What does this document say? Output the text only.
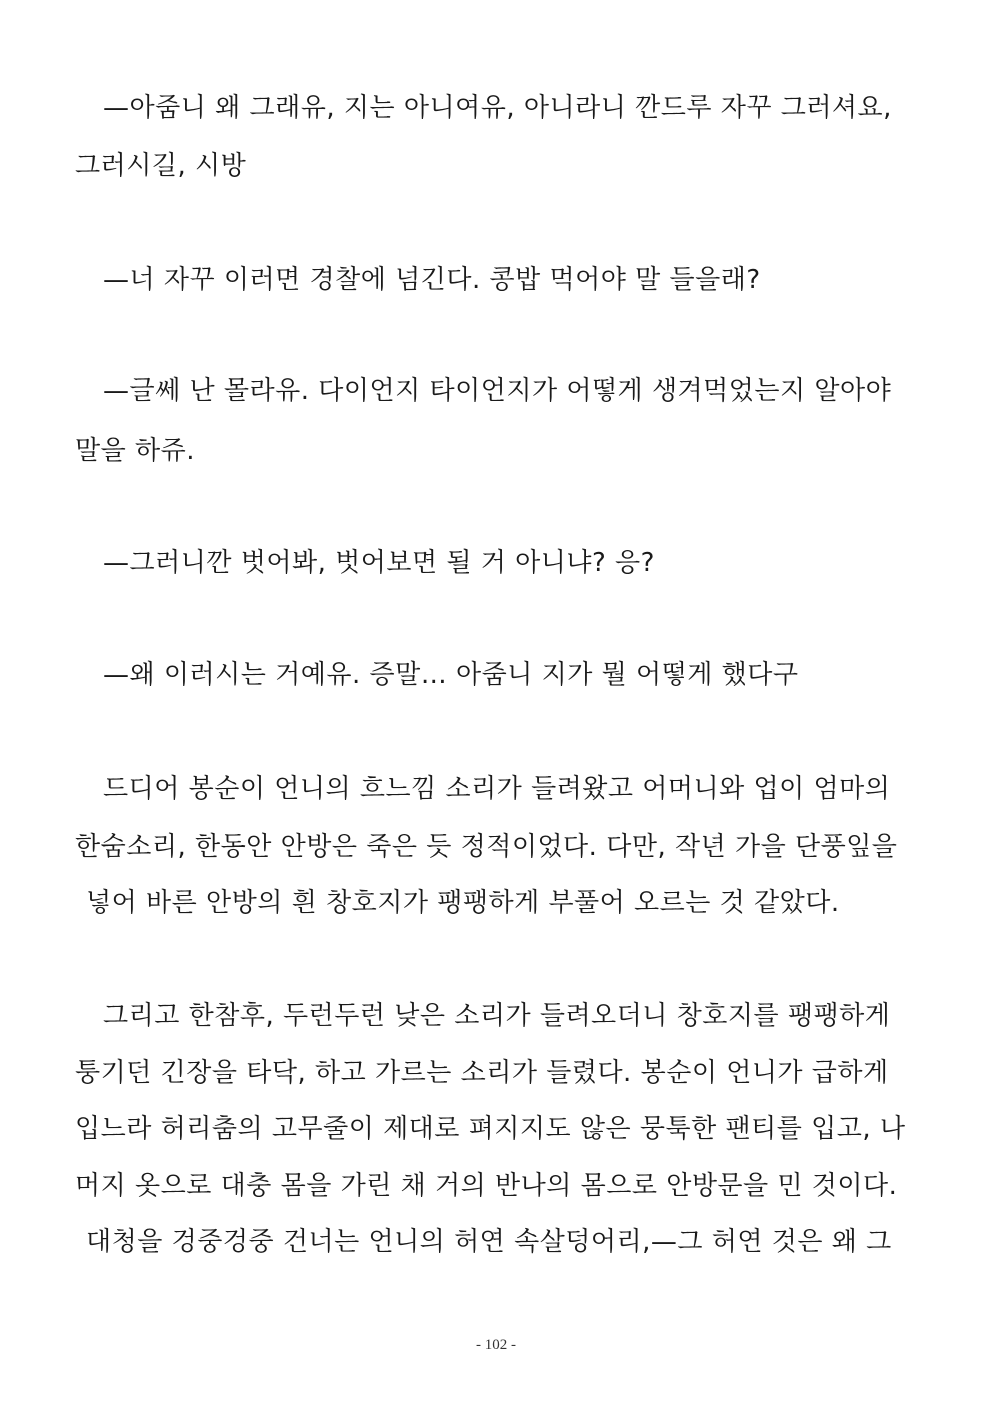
—아줌니 왜 그래유, 지는 아니여유, 아니라니 깐드루 자꾸 그러셔요,
그러시길, 시방
—너 자꾸 이러면 경찰에 넘긴다. 콩밥 먹어야 말 들을래?
—글쎄 난 몰라유. 다이언지 타이언지가 어떻게 생겨먹었는지 알아야
말을 하쥬.
—그러니깐 벗어봐, 벗어보면 될 거 아니냐? 응?
—왜 이러시는 거예유. 증말… 아줌니 지가 뭘 어떻게 했다구
드디어 봉순이 언니의 흐느낌 소리가 들려왔고 어머니와 업이 엄마의
한숨소리, 한동안 안방은 죽은 듯 정적이었다. 다만, 작년 가을 단풍잎을
넣어 바른 안방의 흰 창호지가 팽팽하게 부풀어 오르는 것 같았다.
그리고 한참후, 두런두런 낮은 소리가 들려오더니 창호지를 팽팽하게
퉁기던 긴장을 타닥, 하고 가르는 소리가 들렸다. 봉순이 언니가 급하게
입느라 허리춤의 고무줄이 제대로 펴지지도 않은 뭉툭한 팬티를 입고, 나
머지 옷으로 대충 몸을 가린 채 거의 반나의 몸으로 안방문을 민 것이다.
대청을 겅중겅중 건너는 언니의 허연 속살덩어리,—그 허연 것은 왜 그
- 102 -
